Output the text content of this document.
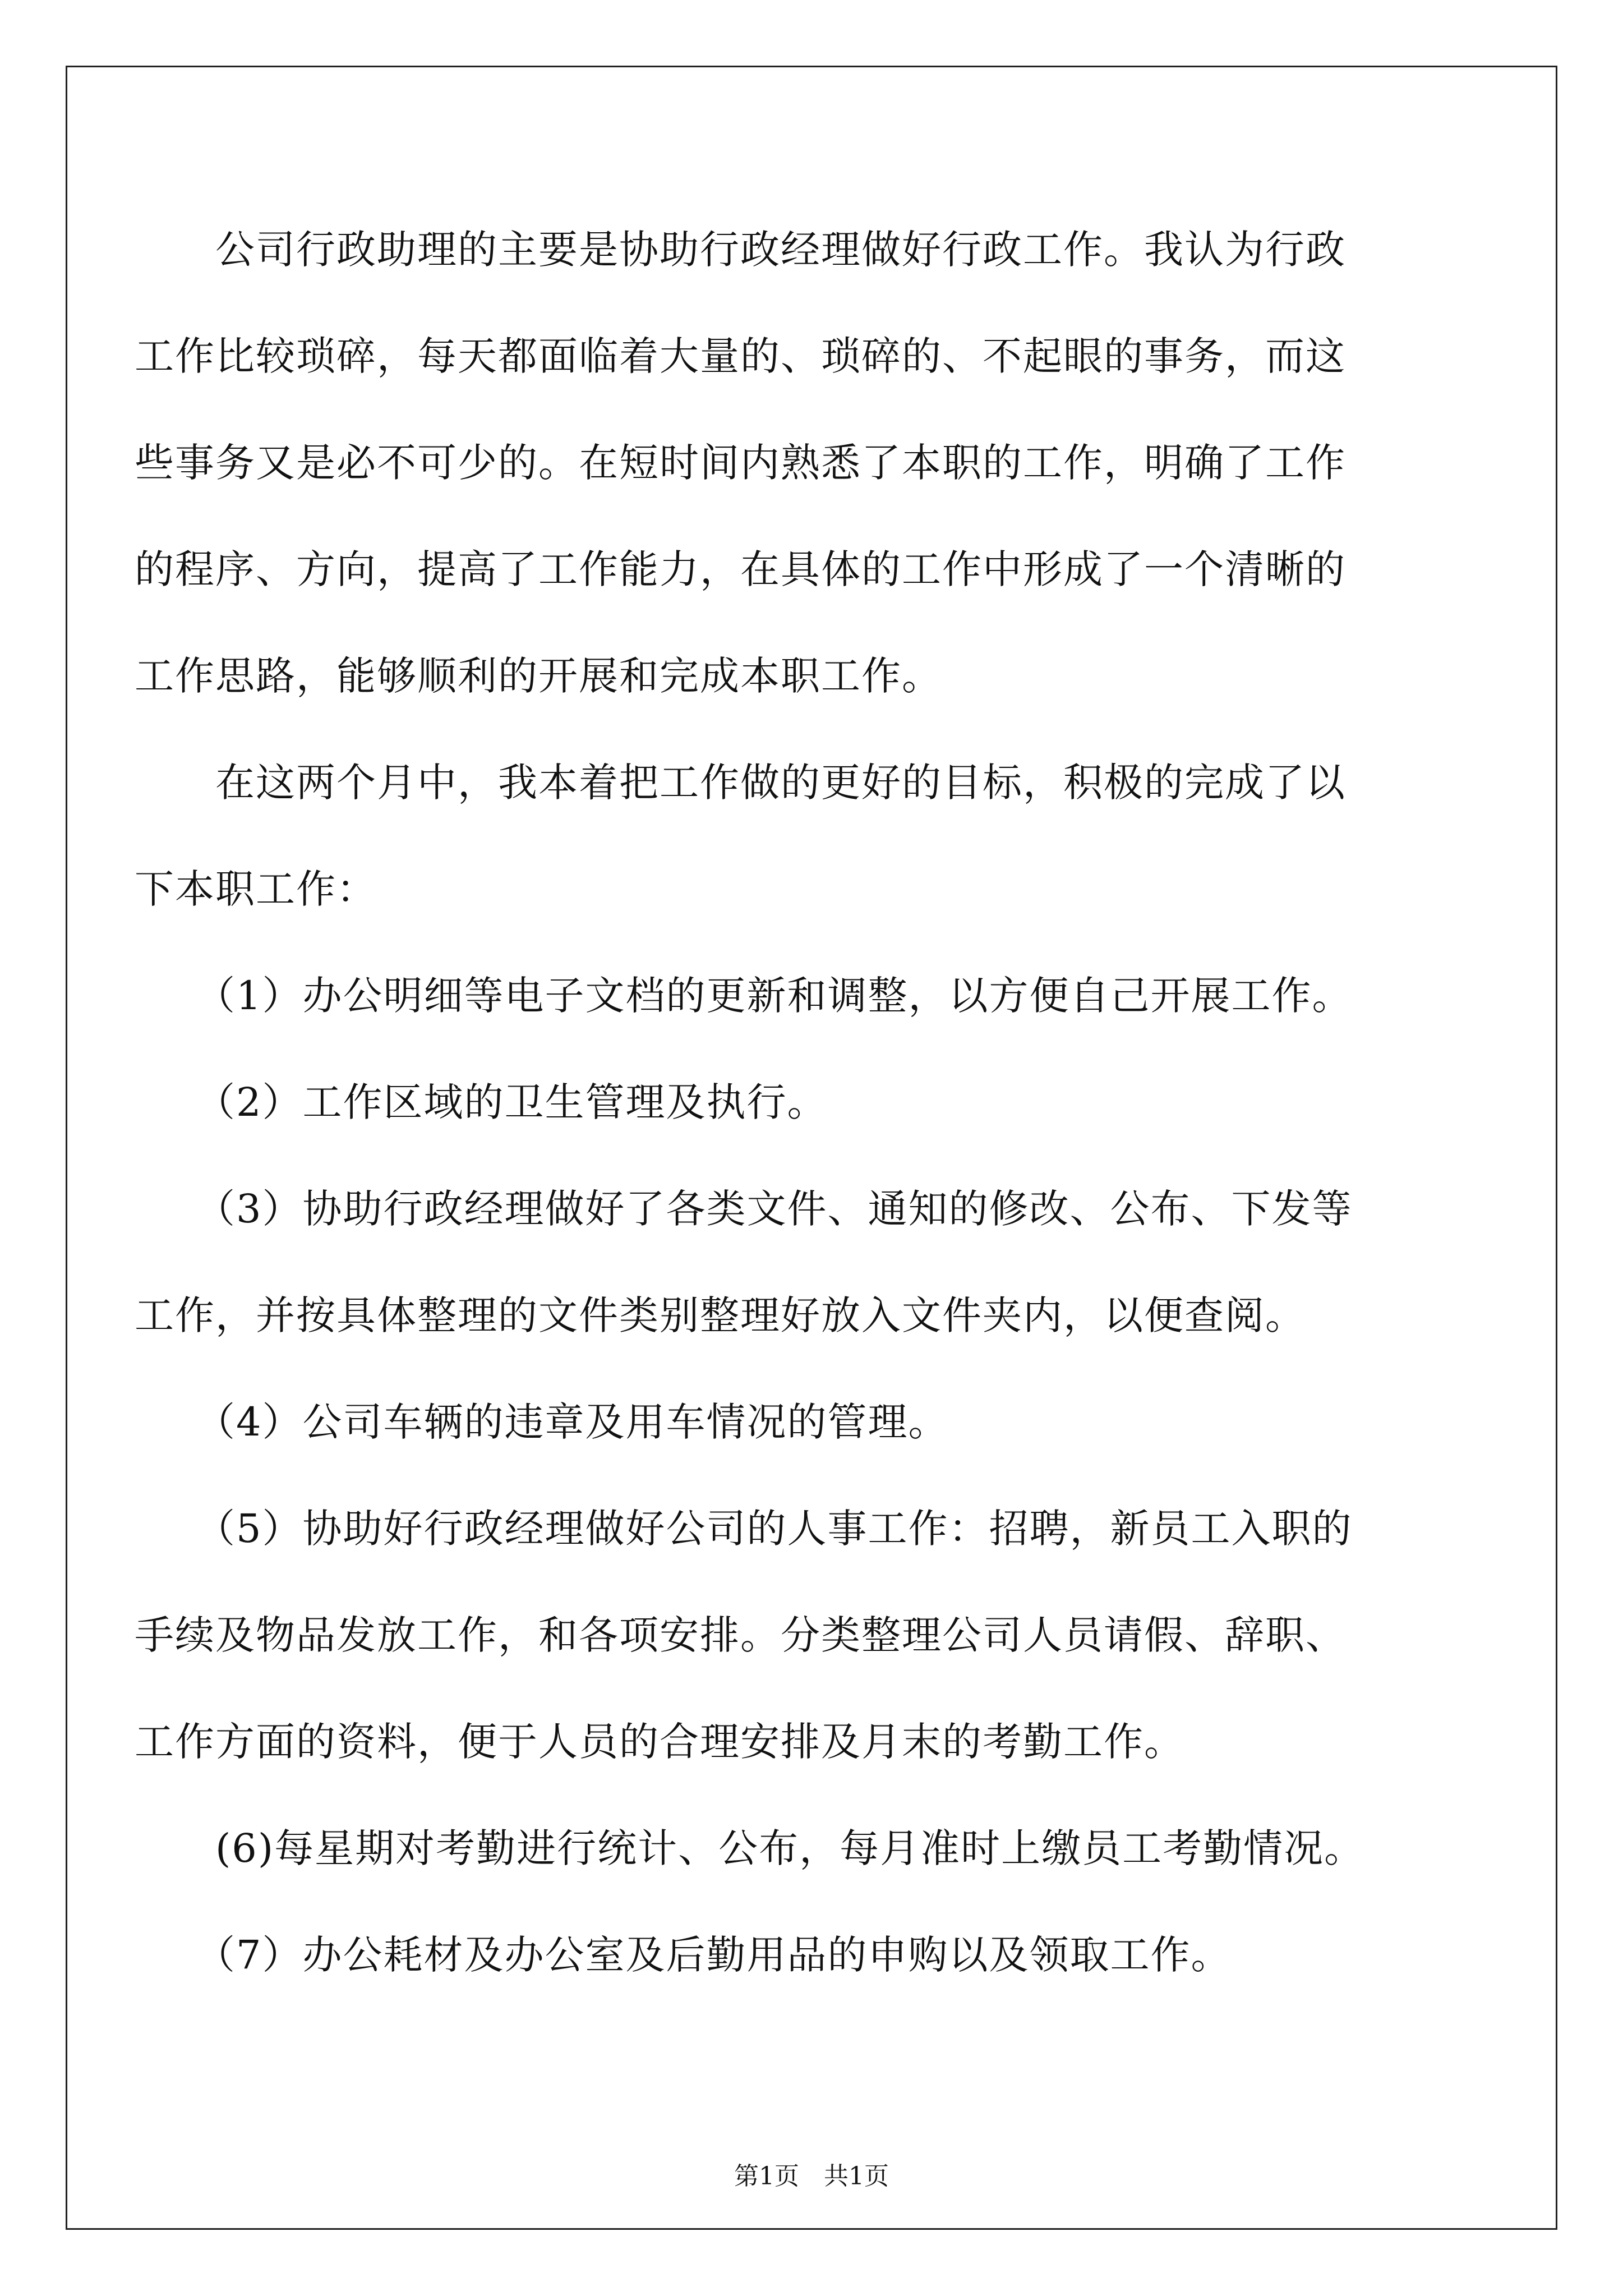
　　公司行政助理的主要是协助行政经理做好行政工作。我认为行政
工作比较琐碎，每天都面临着大量的、琐碎的、不起眼的事务，而这
些事务又是必不可少的。在短时间内熟悉了本职的工作，明确了工作
的程序、方向，提高了工作能力，在具体的工作中形成了一个清晰的
工作思路，能够顺利的开展和完成本职工作。
　　在这两个月中，我本着把工作做的更好的目标，积极的完成了以
下本职工作：
　　（1）办公明细等电子文档的更新和调整，以方便自己开展工作。
　　（2）工作区域的卫生管理及执行。
　　（3）协助行政经理做好了各类文件、通知的修改、公布、下发等
工作，并按具体整理的文件类别整理好放入文件夹内，以便查阅。
　　（4）公司车辆的违章及用车情况的管理。
　　（5）协助好行政经理做好公司的人事工作：招聘，新员工入职的
手续及物品发放工作，和各项安排。分类整理公司人员请假、辞职、
工作方面的资料，便于人员的合理安排及月末的考勤工作。
　　(6)每星期对考勤进行统计、公布，每月准时上缴员工考勤情况。
　　（7）办公耗材及办公室及后勤用品的申购以及领取工作。
第1页　共1页
